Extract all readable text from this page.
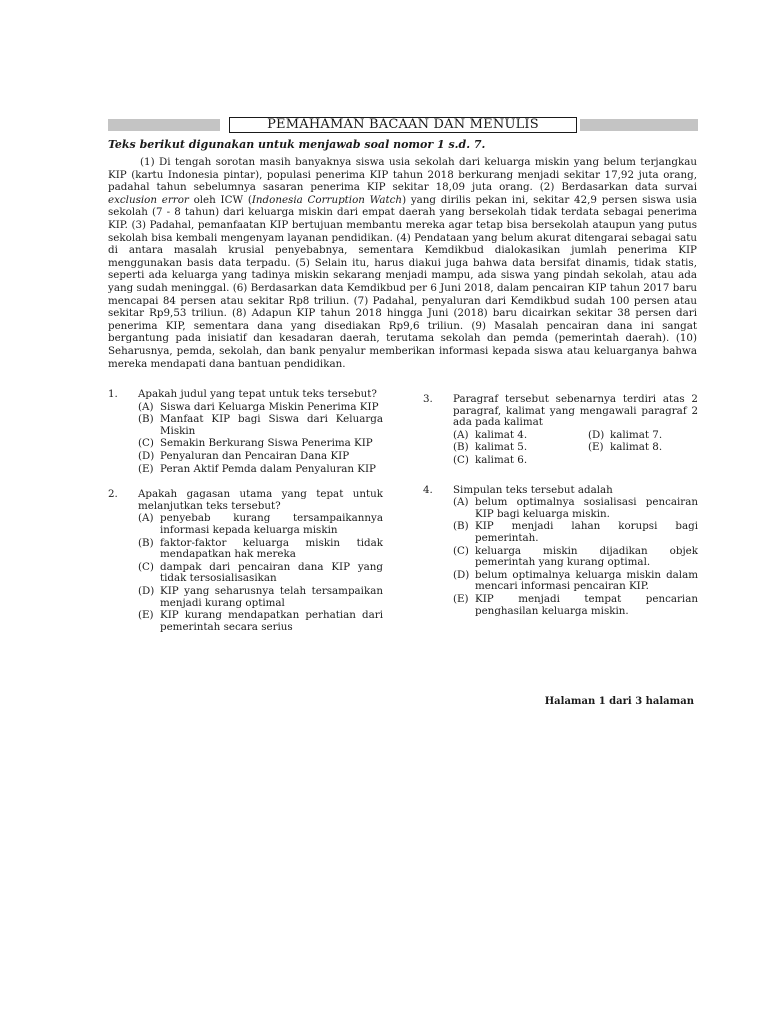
PEMAHAMAN BACAAN DAN MENULIS
Teks berikut digunakan untuk menjawab soal nomor 1 s.d. 7.

(1) Di tengah sorotan masih banyaknya siswa usia sekolah dari keluarga miskin yang belum terjangkau KIP (kartu Indonesia pintar), populasi penerima KIP tahun 2018 berkurang menjadi sekitar 17,92 juta orang, padahal tahun sebelumnya sasaran penerima KIP sekitar 18,09 juta orang. (2) Berdasarkan data survai exclusion error oleh ICW (Indonesia Corruption Watch) yang dirilis pekan ini, sekitar 42,9 persen siswa usia sekolah (7 - 8 tahun) dari keluarga miskin dari empat daerah yang bersekolah tidak terdata sebagai penerima KIP. (3) Padahal, pemanfaatan KIP bertujuan membantu mereka agar tetap bisa bersekolah ataupun yang putus sekolah bisa kembali mengenyam layanan pendidikan. (4) Pendataan yang belum akurat ditengarai sebagai satu di antara masalah krusial penyebabnya, sementara Kemdikbud dialokasikan jumlah penerima KIP menggunakan basis data terpadu. (5) Selain itu, harus diakui juga bahwa data bersifat dinamis, tidak statis, seperti ada keluarga yang tadinya miskin sekarang menjadi mampu, ada siswa yang pindah sekolah, atau ada yang sudah meninggal. (6) Berdasarkan data Kemdikbud per 6 Juni 2018, dalam pencairan KIP tahun 2017 baru mencapai 84 persen atau sekitar Rp8 triliun. (7) Padahal, penyaluran dari Kemdikbud sudah 100 persen atau sekitar Rp9,53 triliun. (8) Adapun KIP tahun 2018 hingga Juni (2018) baru dicairkan sekitar 38 persen dari penerima KIP, sementara dana yang disediakan Rp9,6 triliun. (9) Masalah pencairan dana ini sangat bergantung pada inisiatif dan kesadaran daerah, terutama sekolah dan pemda (pemerintah daerah). (10) Seharusnya, pemda, sekolah, dan bank penyalur memberikan informasi kepada siswa atau keluarganya bahwa mereka mendapati dana bantuan pendidikan.

1. Apakah judul yang tepat untuk teks tersebut?
(A) Siswa dari Keluarga Miskin Penerima KIP
(B) Manfaat KIP bagi Siswa dari Keluarga Miskin
(C) Semakin Berkurang Siswa Penerima KIP
(D) Penyaluran dan Pencairan Dana KIP
(E) Peran Aktif Pemda dalam Penyaluran KIP
2. Apakah gagasan utama yang tepat untuk melanjutkan teks tersebut?
(A) penyebab kurang tersampaikannya informasi kepada keluarga miskin
(B) faktor-faktor keluarga miskin tidak mendapatkan hak mereka
(C) dampak dari pencairan dana KIP yang tidak tersosialisasikan
(D) KIP yang seharusnya telah tersampaikan menjadi kurang optimal
(E) KIP kurang mendapatkan perhatian dari pemerintah secara serius
3. Paragraf tersebut sebenarnya terdiri atas 2 paragraf, kalimat yang mengawali paragraf 2 ada pada kalimat
(A) kalimat 4.	(D) kalimat 7.
(B) kalimat 5.	(E) kalimat 8.
(C) kalimat 6.
4. Simpulan teks tersebut adalah
(A) belum optimalnya sosialisasi pencairan KIP bagi keluarga miskin.
(B) KIP menjadi lahan korupsi bagi pemerintah.
(C) keluarga miskin dijadikan objek pemerintah yang kurang optimal.
(D) belum optimalnya keluarga miskin dalam mencari informasi pencairan KIP.
(E) KIP menjadi tempat pencarian penghasilan keluarga miskin.
Halaman 1 dari 3 halaman
